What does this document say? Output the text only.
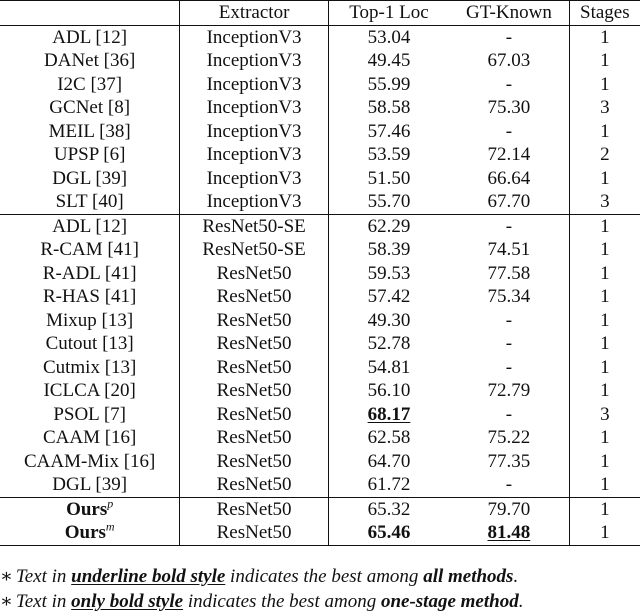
	Extractor	Top-1 Loc	GT-Known	Stages
ADL [12]	InceptionV3	53.04	-	1
DANet [36]	InceptionV3	49.45	67.03	1
I2C [37]	InceptionV3	55.99	-	1
GCNet [8]	InceptionV3	58.58	75.30	3
MEIL [38]	InceptionV3	57.46	-	1
UPSP [6]	InceptionV3	53.59	72.14	2
DGL [39]	InceptionV3	51.50	66.64	1
SLT [40]	InceptionV3	55.70	67.70	3
ADL [12]	ResNet50-SE	62.29	-	1
R-CAM [41]	ResNet50-SE	58.39	74.51	1
R-ADL [41]	ResNet50	59.53	77.58	1
R-HAS [41]	ResNet50	57.42	75.34	1
Mixup [13]	ResNet50	49.30	-	1
Cutout [13]	ResNet50	52.78	-	1
Cutmix [13]	ResNet50	54.81	-	1
ICLCA [20]	ResNet50	56.10	72.79	1
PSOL [7]	ResNet50	68.17	-	3
CAAM [16]	ResNet50	62.58	75.22	1
CAAM-Mix [16]	ResNet50	64.70	77.35	1
DGL [39]	ResNet50	61.72	-	1
Ours$^p$	ResNet50	65.32	79.70	1
Ours$^m$	ResNet50	65.46	81.48	1
∗ Text in underline bold style indicates the best among all methods.
∗ Text in only bold style indicates the best among one-stage method.
